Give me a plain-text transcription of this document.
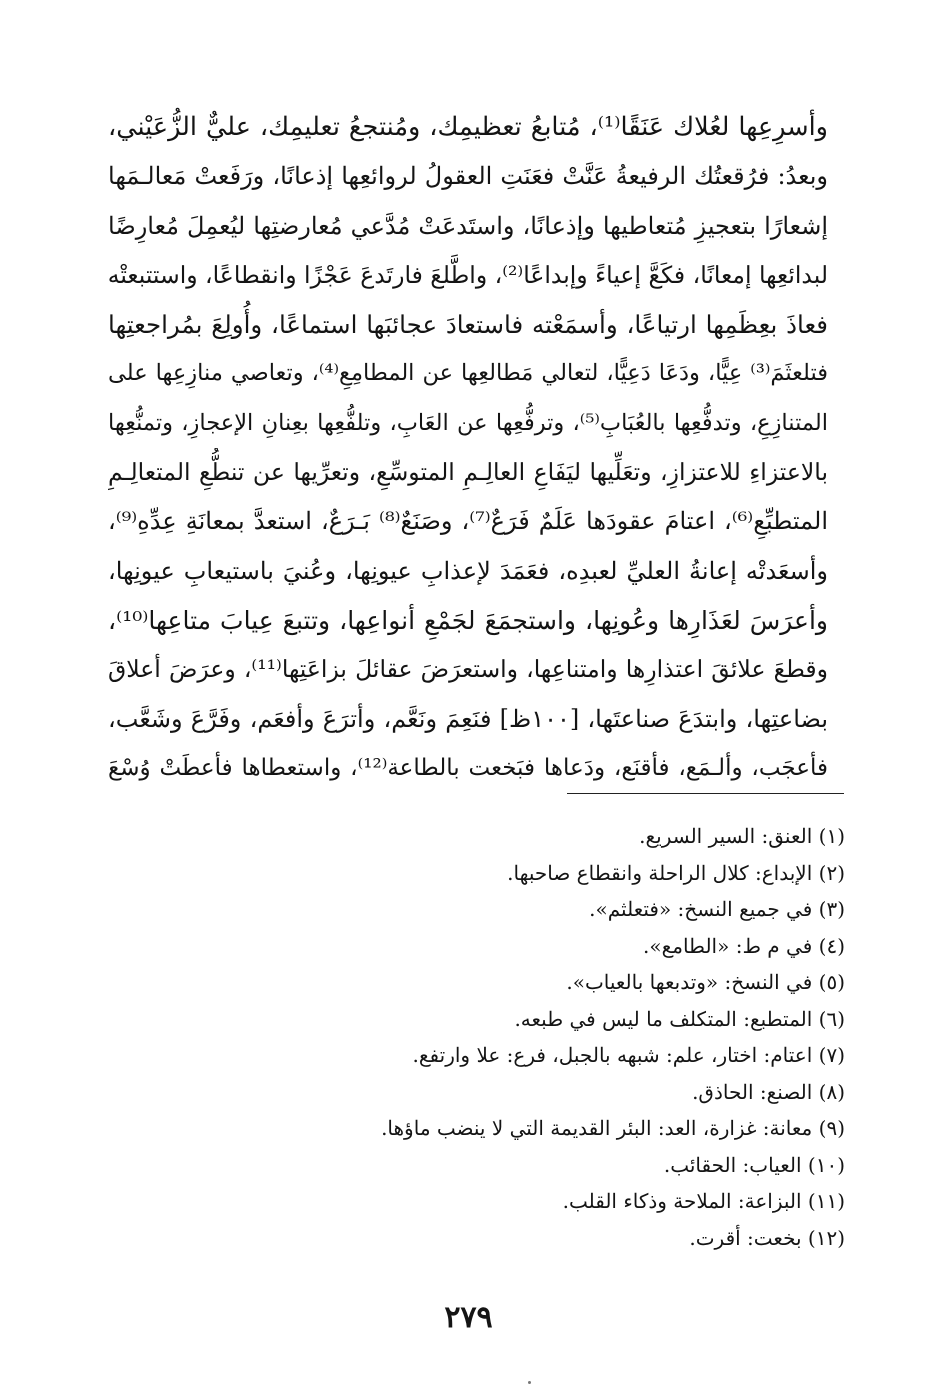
وأسرِعِها لعُلاك عَنَقًا⁽¹⁾، مُتابعُ تعظيمِك، ومُنتجعُ تعليمِك، عليٌّ الزُّعَيْني،
وبعدُ: فرُقعتُك الرفيعةُ عَنَّتْ فعَنَتِ العقولُ لروائعِها إذعانًا، ورَفَعتْ مَعالـمَها
إشعارًا بتعجيزِ مُتعاطيها وإذعانًا، واستَدعَتْ مُدَّعي مُعارضتِها ليُعمِلَ مُعارِضًا
لبدائعِها إمعانًا، فكَعَّ إعياءً وإبداعًا⁽²⁾، واطَّلعَ فارتَدعَ عَجْزًا وانقطاعًا، واستتبعتْه
فعاذَ بعِظَمِها ارتياعًا، وأسمَعْته فاستعادَ عجائبَها استماعًا، وأُولِعَ بمُراجعتِها
فتلعثَمَ⁽³⁾ عِيًّا، ودَعَا دَعِيًّا، لتعالي مَطالعِها عن المطامِعِ⁽⁴⁾، وتعاصي منازِعِها على
المتنازِعِ، وتدفُّعِها بالعُبَابِ⁽⁵⁾، وترفُّعِها عن العَابِ، وتلفُّعِها بعِنانِ الإعجازِ، وتمنُّعِها
بالاعتزاءِ للاعتزازِ، وتعَلِّيها ليَفَاعِ العالِـمِ المتوسِّعِ، وتعرِّيها عن تنطُّعِ المتعالِـمِ
المتطبِّعِ⁽⁶⁾، اعتامَ عقودَها عَلَمٌ فَرَعٌ⁽⁷⁾، وصَنَعٌ⁽⁸⁾ بَـرَعٌ، استعدَّ بمعانَةِ عِدِّهِ⁽⁹⁾،
وأسعَدتْه إعانةُ العليِّ لعبدِه، فعَمَدَ لإعذابِ عيونِها، وعُنيَ باستيعابِ عيونِها،
وأعرَسَ لعَذَارِها وعُونِها، واستجمَعَ لجَمْعِ أنواعِها، وتتبعَ عِيابَ متاعِها⁽¹⁰⁾،
وقطعَ علائقَ اعتذارِها وامتناعِها، واستعرَضَ عقائلَ بزاعَتِها⁽¹¹⁾، وعرَضَ أعلاقَ
بضاعتِها، وابتدَعَ صناعتَها، [١٠٠ظ] فنَعِمَ ونَعَّم، وأترَعَ وأفعَم، وفَرَّعَ وشَعَّب،
فأعجَب، وألـمَع، فأقنَع، ودَعاها فبَخعت بالطاعة⁽¹²⁾، واستعطاها فأعطَتْ وُسْعَ
(١) العنق: السير السريع.
(٢) الإبداع: كلال الراحلة وانقطاع صاحبها.
(٣) في جميع النسخ: «فتعلثم».
(٤) في م ط: «الطامع».
(٥) في النسخ: «وتدبعها بالعياب».
(٦) المتطبع: المتكلف ما ليس في طبعه.
(٧) اعتام: اختار، علم: شبهه بالجبل، فرع: علا وارتفع.
(٨) الصنع: الحاذق.
(٩) معانة: غزارة، العد: البئر القديمة التي لا ينضب ماؤها.
(١٠) العياب: الحقائب.
(١١) البزاعة: الملاحة وذكاء القلب.
(١٢) بخعت: أقرت.
٢٧٩
